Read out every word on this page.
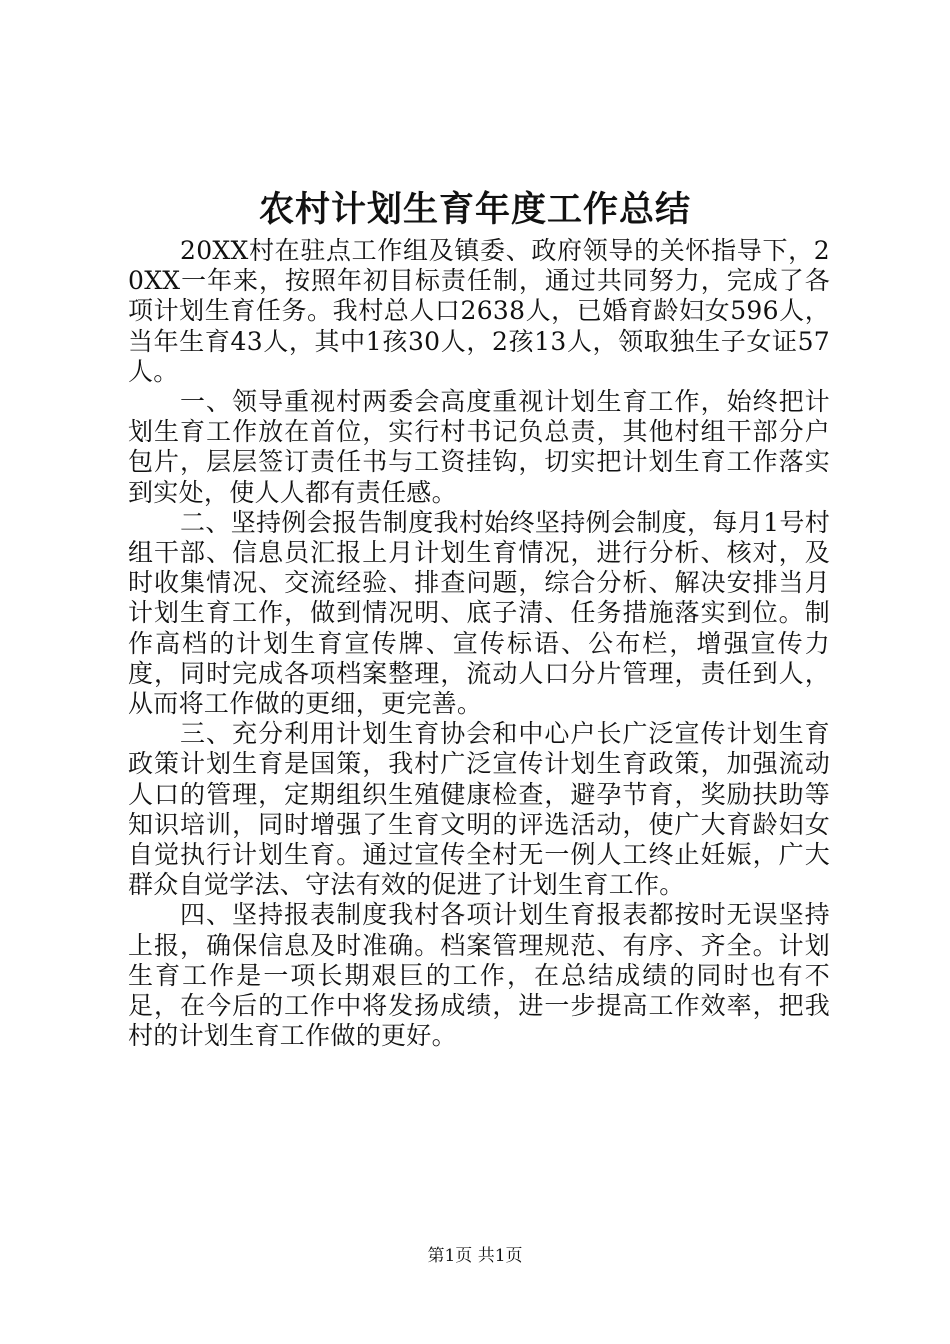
农村计划生育年度工作总结

20XX村在驻点工作组及镇委、政府领导的关怀指导下，20XX一年来，按照年初目标责任制，通过共同努力，完成了各项计划生育任务。我村总人口2638人，已婚育龄妇女596人，当年生育43人，其中1孩30人，2孩13人，领取独生子女证57人。

一、领导重视村两委会高度重视计划生育工作，始终把计划生育工作放在首位，实行村书记负总责，其他村组干部分户包片，层层签订责任书与工资挂钩，切实把计划生育工作落实到实处，使人人都有责任感。

二、坚持例会报告制度我村始终坚持例会制度，每月1号村组干部、信息员汇报上月计划生育情况，进行分析、核对，及时收集情况、交流经验、排查问题，综合分析、解决安排当月计划生育工作，做到情况明、底子清、任务措施落实到位。制作高档的计划生育宣传牌、宣传标语、公布栏，增强宣传力度，同时完成各项档案整理，流动人口分片管理，责任到人，从而将工作做的更细，更完善。

三、充分利用计划生育协会和中心户长广泛宣传计划生育政策计划生育是国策，我村广泛宣传计划生育政策，加强流动人口的管理，定期组织生殖健康检查，避孕节育，奖励扶助等知识培训，同时增强了生育文明的评选活动，使广大育龄妇女自觉执行计划生育。通过宣传全村无一例人工终止妊娠，广大群众自觉学法、守法有效的促进了计划生育工作。

四、坚持报表制度我村各项计划生育报表都按时无误坚持上报，确保信息及时准确。档案管理规范、有序、齐全。计划生育工作是一项长期艰巨的工作，在总结成绩的同时也有不足，在今后的工作中将发扬成绩，进一步提高工作效率，把我村的计划生育工作做的更好。

第1页 共1页
